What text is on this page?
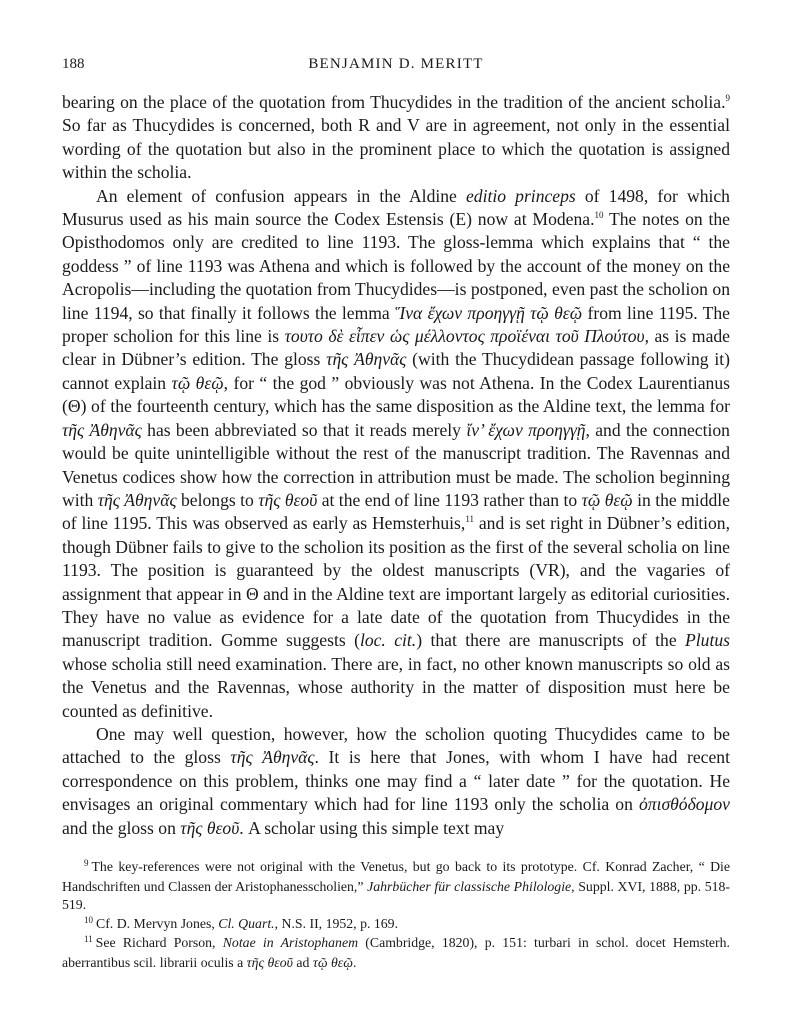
188	BENJAMIN D. MERITT

bearing on the place of the quotation from Thucydides in the tradition of the ancient scholia.$^9$ So far as Thucydides is concerned, both R and V are in agreement, not only in the essential wording of the quotation but also in the prominent place to which the quotation is assigned within the scholia.

An element of confusion appears in the Aldine editio princeps of 1498, for which Musurus used as his main source the Codex Estensis (E) now at Modena.$^{10}$ The notes on the Opisthodomos only are credited to line 1193. The gloss-lemma which explains that “ the goddess ” of line 1193 was Athena and which is followed by the account of the money on the Acropolis—including the quotation from Thucydides—is postponed, even past the scholion on line 1194, so that finally it follows the lemma Ἵνα ἔχων προηγγῇ τῷ θεῷ from line 1195. The proper scholion for this line is τουτο δὲ εἶπεν ὡς μέλλοντος προϊέναι τοῦ Πλούτου, as is made clear in Dübner’s edition. The gloss τῆς Ἀθηνᾶς (with the Thucydidean passage following it) cannot explain τῷ θεῷ, for “ the god ” obviously was not Athena. In the Codex Laurentianus (Θ) of the fourteenth century, which has the same disposition as the Aldine text, the lemma for τῆς Ἀθηνᾶς has been abbreviated so that it reads merely ἴν’ ἔχων προηγγῇ, and the connection would be quite unintelligible without the rest of the manuscript tradition. The Ravennas and Venetus codices show how the correction in attribution must be made. The scholion beginning with τῆς Ἀθηνᾶς belongs to τῆς θεοῦ at the end of line 1193 rather than to τῷ θεῷ in the middle of line 1195. This was observed as early as Hemsterhuis,$^{11}$ and is set right in Dübner’s edition, though Dübner fails to give to the scholion its position as the first of the several scholia on line 1193. The position is guaranteed by the oldest manuscripts (VR), and the vagaries of assignment that appear in Θ and in the Aldine text are important largely as editorial curiosities. They have no value as evidence for a late date of the quotation from Thucydides in the manuscript tradition. Gomme suggests (loc. cit.) that there are manuscripts of the Plutus whose scholia still need examination. There are, in fact, no other known manuscripts so old as the Venetus and the Ravennas, whose authority in the matter of disposition must here be counted as definitive.

One may well question, however, how the scholion quoting Thucydides came to be attached to the gloss τῆς Ἀθηνᾶς. It is here that Jones, with whom I have had recent correspondence on this problem, thinks one may find a “ later date ” for the quotation. He envisages an original commentary which had for line 1193 only the scholia on ὀπισθόδομον and the gloss on τῆς θεοῦ. A scholar using this simple text may

$^9$ The key-references were not original with the Venetus, but go back to its prototype. Cf. Konrad Zacher, “ Die Handschriften und Classen der Aristophanesscholien,” Jahrbücher für classische Philologie, Suppl. XVI, 1888, pp. 518-519.

$^{10}$ Cf. D. Mervyn Jones, Cl. Quart., N.S. II, 1952, p. 169.

$^{11}$ See Richard Porson, Notae in Aristophanem (Cambridge, 1820), p. 151: turbari in schol. docet Hemsterh. aberrantibus scil. librarii oculis a τῆς θεοῦ ad τῷ θεῷ.
